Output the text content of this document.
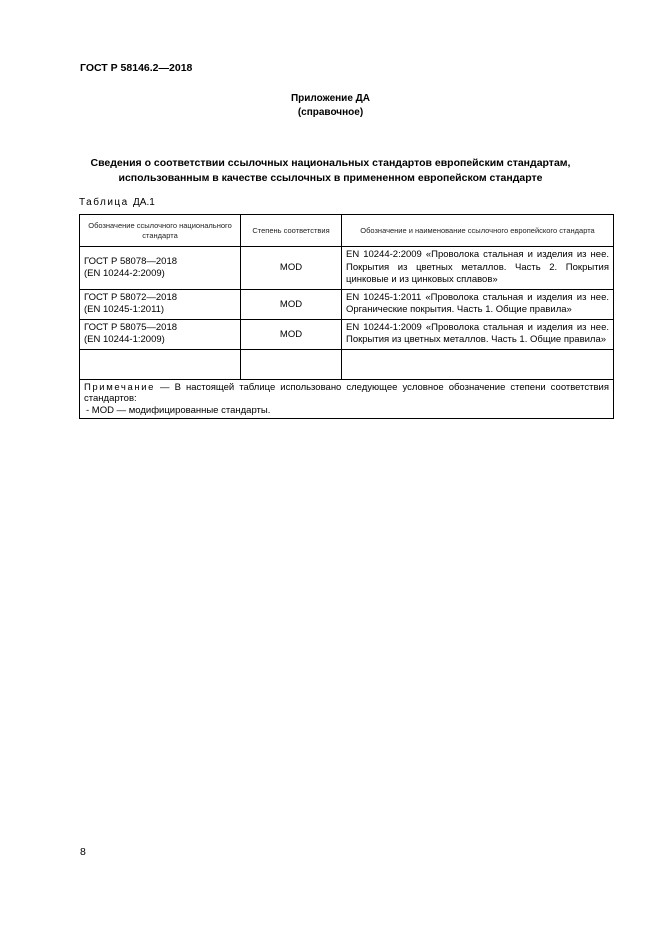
ГОСТ Р 58146.2—2018
Приложение ДА
(справочное)
Сведения о соответствии ссылочных национальных стандартов европейским стандартам,
использованным в качестве ссылочных в примененном европейском стандарте
Таблица ДА.1
Обозначение ссылочного национального стандарта	Степень соответствия	Обозначение и наименование ссылочного европейского стандарта

ГОСТ Р 58078—2018
(EN 10244-2:2009)	MOD	EN 10244-2:2009 «Проволока стальная и изделия из нее. Покрытия из цветных металлов. Часть 2. Покрытия цинковые и из цинковых сплавов»

ГОСТ Р 58072—2018
(EN 10245-1:2011)	MOD	EN 10245-1:2011 «Проволока стальная и изделия из нее. Органические покрытия. Часть 1. Общие правила»

ГОСТ Р 58075—2018
(EN 10244-1:2009)	MOD	EN 10244-1:2009 «Проволока стальная и изделия из нее. Покрытия из цветных металлов. Часть 1. Общие правила»

Примечание — В настоящей таблице использовано следующее условное обозначение степени соответствия стандартов:
- MOD — модифицированные стандарты.		
8
